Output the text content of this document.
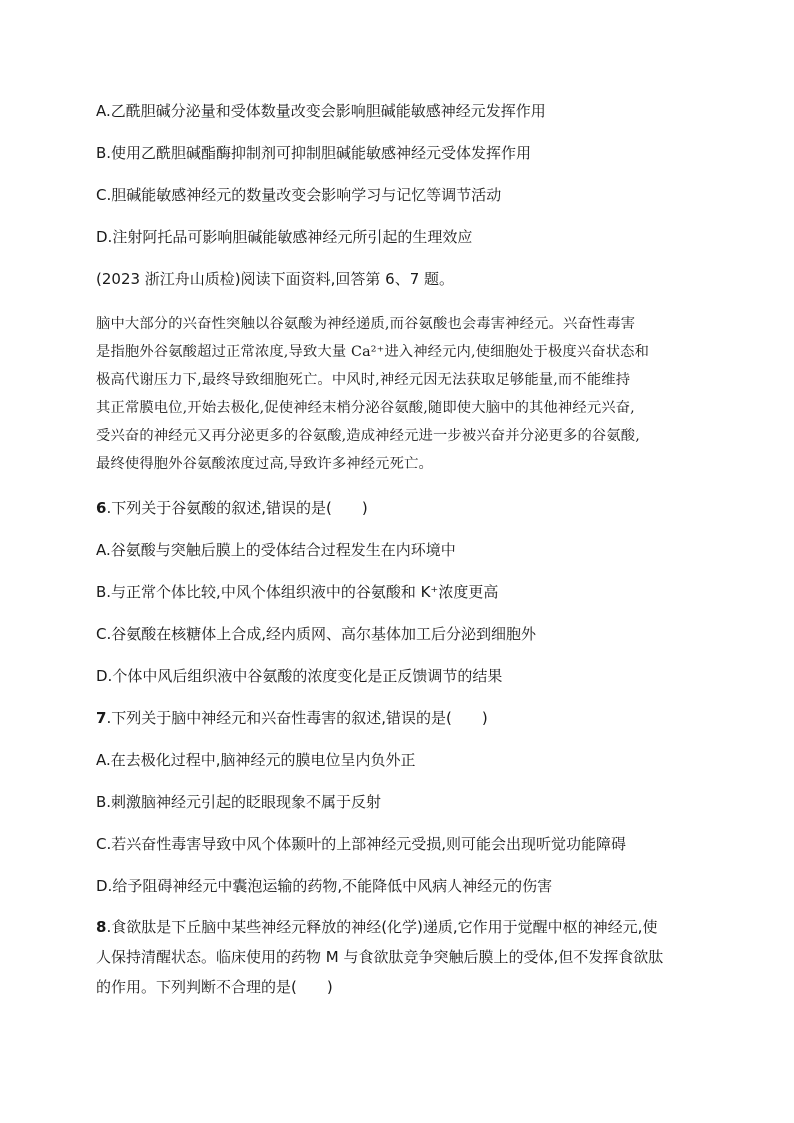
A.乙酰胆碱分泌量和受体数量改变会影响胆碱能敏感神经元发挥作用
B.使用乙酰胆碱酯酶抑制剂可抑制胆碱能敏感神经元受体发挥作用
C.胆碱能敏感神经元的数量改变会影响学习与记忆等调节活动
D.注射阿托品可影响胆碱能敏感神经元所引起的生理效应
(2023 浙江舟山质检)阅读下面资料,回答第 6、7 题。

脑中大部分的兴奋性突触以谷氨酸为神经递质,而谷氨酸也会毒害神经元。兴奋性毒害

是指胞外谷氨酸超过正常浓度,导致大量 Ca²⁺进入神经元内,使细胞处于极度兴奋状态和

极高代谢压力下,最终导致细胞死亡。中风时,神经元因无法获取足够能量,而不能维持

其正常膜电位,开始去极化,促使神经末梢分泌谷氨酸,随即使大脑中的其他神经元兴奋,

受兴奋的神经元又再分泌更多的谷氨酸,造成神经元进一步被兴奋并分泌更多的谷氨酸,

最终使得胞外谷氨酸浓度过高,导致许多神经元死亡。

6.下列关于谷氨酸的叙述,错误的是(　　)
A.谷氨酸与突触后膜上的受体结合过程发生在内环境中
B.与正常个体比较,中风个体组织液中的谷氨酸和 K⁺浓度更高
C.谷氨酸在核糖体上合成,经内质网、高尔基体加工后分泌到细胞外
D.个体中风后组织液中谷氨酸的浓度变化是正反馈调节的结果
7.下列关于脑中神经元和兴奋性毒害的叙述,错误的是(　　)
A.在去极化过程中,脑神经元的膜电位呈内负外正
B.刺激脑神经元引起的眨眼现象不属于反射
C.若兴奋性毒害导致中风个体颞叶的上部神经元受损,则可能会出现听觉功能障碍
D.给予阻碍神经元中囊泡运输的药物,不能降低中风病人神经元的伤害

8.食欲肽是下丘脑中某些神经元释放的神经(化学)递质,它作用于觉醒中枢的神经元,使

人保持清醒状态。临床使用的药物 M 与食欲肽竞争突触后膜上的受体,但不发挥食欲肽

的作用。下列判断不合理的是(　　)
